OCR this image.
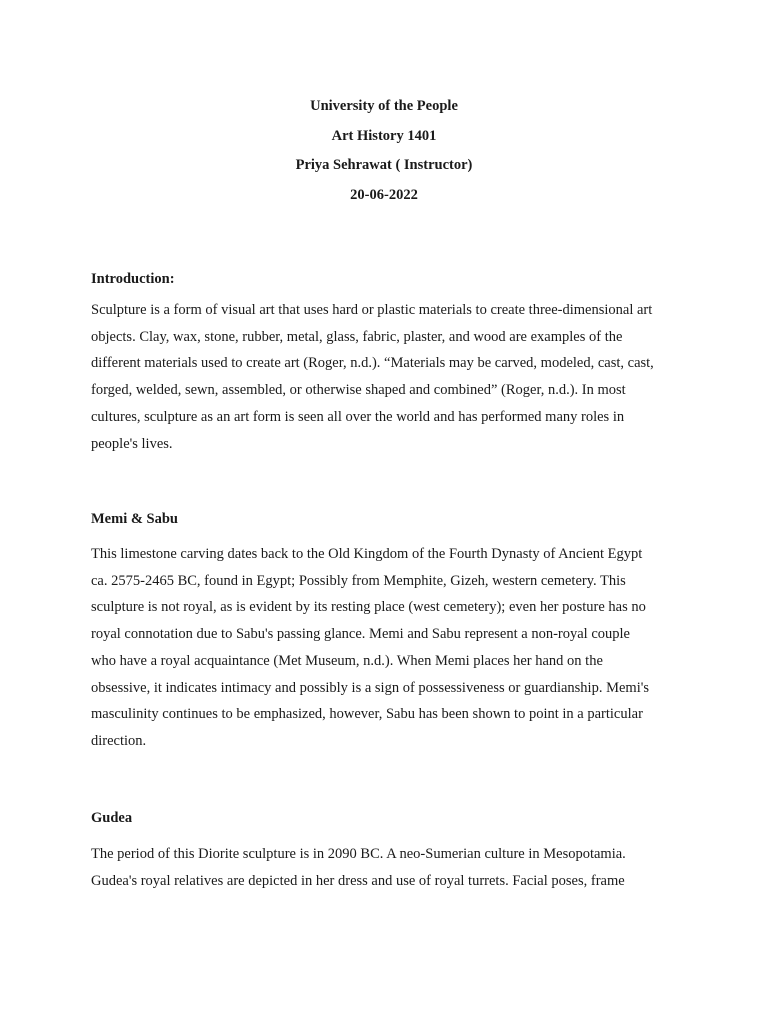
University of the People

Art History 1401

Priya Sehrawat ( Instructor)

20-06-2022

Introduction:

Sculpture is a form of visual art that uses hard or plastic materials to create three-dimensional art
objects. Clay, wax, stone, rubber, metal, glass, fabric, plaster, and wood are examples of the
different materials used to create art (Roger, n.d.). “Materials may be carved, modeled, cast, cast,
forged, welded, sewn, assembled, or otherwise shaped and combined” (Roger, n.d.). In most
cultures, sculpture as an art form is seen all over the world and has performed many roles in
people's lives.

Memi & Sabu

This limestone carving dates back to the Old Kingdom of the Fourth Dynasty of Ancient Egypt
ca. 2575-2465 BC, found in Egypt; Possibly from Memphite, Gizeh, western cemetery. This
sculpture is not royal, as is evident by its resting place (west cemetery); even her posture has no
royal connotation due to Sabu's passing glance. Memi and Sabu represent a non-royal couple
who have a royal acquaintance (Met Museum, n.d.). When Memi places her hand on the
obsessive, it indicates intimacy and possibly is a sign of possessiveness or guardianship. Memi's
masculinity continues to be emphasized, however, Sabu has been shown to point in a particular
direction.

Gudea

The period of this Diorite sculpture is in 2090 BC. A neo-Sumerian culture in Mesopotamia.
Gudea's royal relatives are depicted in her dress and use of royal turrets. Facial poses, frame
